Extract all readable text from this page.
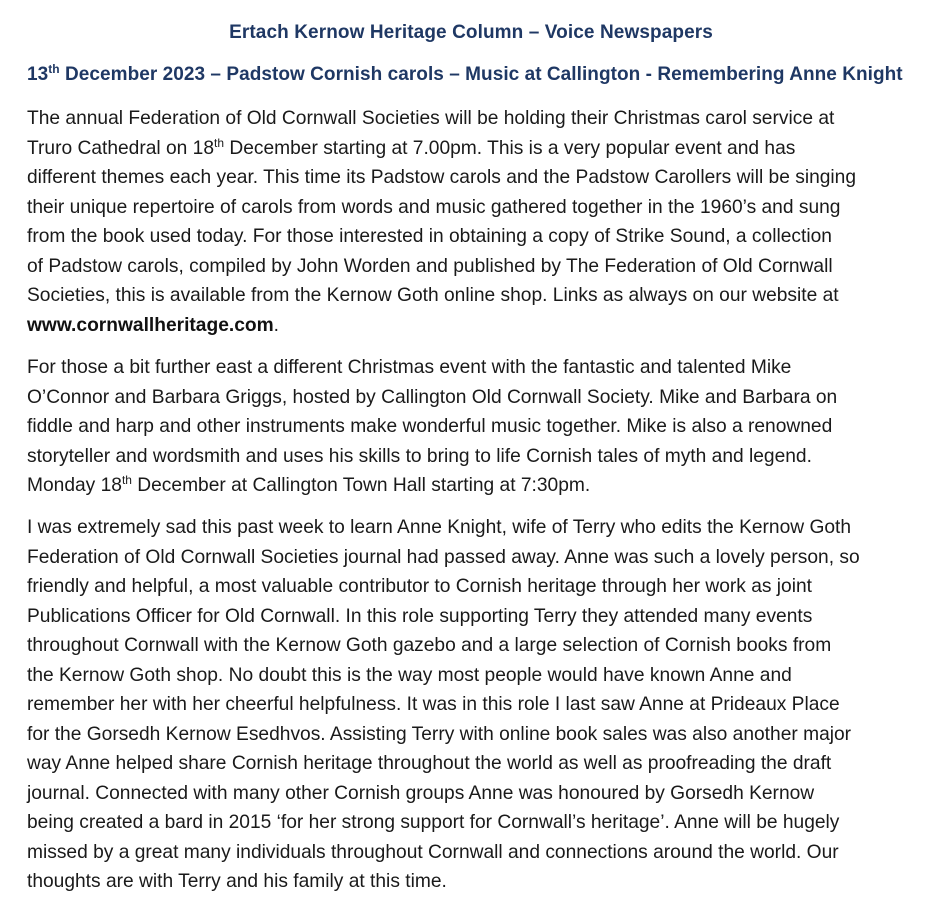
Ertach Kernow Heritage Column – Voice Newspapers
13th December 2023 – Padstow Cornish carols – Music at Callington - Remembering Anne Knight
The annual Federation of Old Cornwall Societies will be holding their Christmas carol service at
Truro Cathedral on 18th December starting at 7.00pm. This is a very popular event and has
different themes each year. This time its Padstow carols and the Padstow Carollers will be singing
their unique repertoire of carols from words and music gathered together in the 1960’s and sung
from the book used today. For those interested in obtaining a copy of Strike Sound, a collection
of Padstow carols, compiled by John Worden and published by The Federation of Old Cornwall
Societies, this is available from the Kernow Goth online shop. Links as always on our website at
www.cornwallheritage.com.
For those a bit further east a different Christmas event with the fantastic and talented Mike
O’Connor and Barbara Griggs, hosted by Callington Old Cornwall Society. Mike and Barbara on
fiddle and harp and other instruments make wonderful music together. Mike is also a renowned
storyteller and wordsmith and uses his skills to bring to life Cornish tales of myth and legend.
Monday 18th December at Callington Town Hall starting at 7:30pm.
I was extremely sad this past week to learn Anne Knight, wife of Terry who edits the Kernow Goth
Federation of Old Cornwall Societies journal had passed away. Anne was such a lovely person, so
friendly and helpful, a most valuable contributor to Cornish heritage through her work as joint
Publications Officer for Old Cornwall. In this role supporting Terry they attended many events
throughout Cornwall with the Kernow Goth gazebo and a large selection of Cornish books from
the Kernow Goth shop. No doubt this is the way most people would have known Anne and
remember her with her cheerful helpfulness. It was in this role I last saw Anne at Prideaux Place
for the Gorsedh Kernow Esedhvos. Assisting Terry with online book sales was also another major
way Anne helped share Cornish heritage throughout the world as well as proofreading the draft
journal. Connected with many other Cornish groups Anne was honoured by Gorsedh Kernow
being created a bard in 2015 ‘for her strong support for Cornwall’s heritage’. Anne will be hugely
missed by a great many individuals throughout Cornwall and connections around the world. Our
thoughts are with Terry and his family at this time.
